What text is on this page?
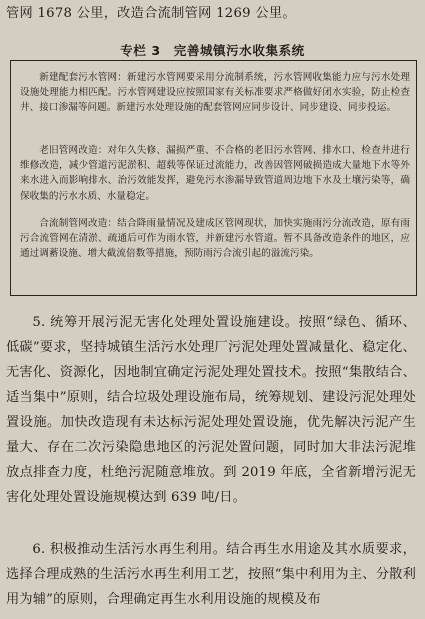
管网 1678 公里，改造合流制管网 1269 公里。
专栏 3　完善城镇污水收集系统
新建配套污水管网：新建污水管网要采用分流制系统，污水管网收集能力应与污水处理设施处理能力相匹配。污水管网建设应按照国家有关标准要求严格做好闭水实验，防止检查井、接口渗漏等问题。新建污水处理设施的配套管网应同步设计、同步建设、同步投运。
老旧管网改造：对年久失修、漏损严重、不合格的老旧污水管网、排水口、检查井进行维修改造，减少管道污泥淤积、超载等保证过流能力，改善因管网破损造成大量地下水等外来水进入而影响排水、治污效能发挥，避免污水渗漏导致管道周边地下水及土壤污染等，确保收集的污水水质、水量稳定。
合流制管网改造：结合降雨量情况及建成区管网现状，加快实施雨污分流改造，原有雨污合流管网在清淤、疏通后可作为雨水管，并新建污水管道。暂不具备改造条件的地区，应通过调蓄设施、增大截流倍数等措施，预防雨污合流引起的溢流污染。
5. 统筹开展污泥无害化处理处置设施建设。按照“绿色、循环、低碳”要求，坚持城镇生活污水处理厂污泥处理处置减量化、稳定化、无害化、资源化，因地制宜确定污泥处理处置技术。按照“集散结合、适当集中”原则，结合垃圾处理设施布局，统筹规划、建设污泥处理处置设施。加快改造现有未达标污泥处理处置设施，优先解决污泥产生量大、存在二次污染隐患地区的污泥处置问题，同时加大非法污泥堆放点排查力度，杜绝污泥随意堆放。到 2019 年底，全省新增污泥无害化处理处置设施规模达到 639 吨/日。
6. 积极推动生活污水再生利用。结合再生水用途及其水质要求，选择合理成熟的生活污水再生利用工艺，按照“集中利用为主、分散利用为辅”的原则，合理确定再生水利用设施的规模及布
